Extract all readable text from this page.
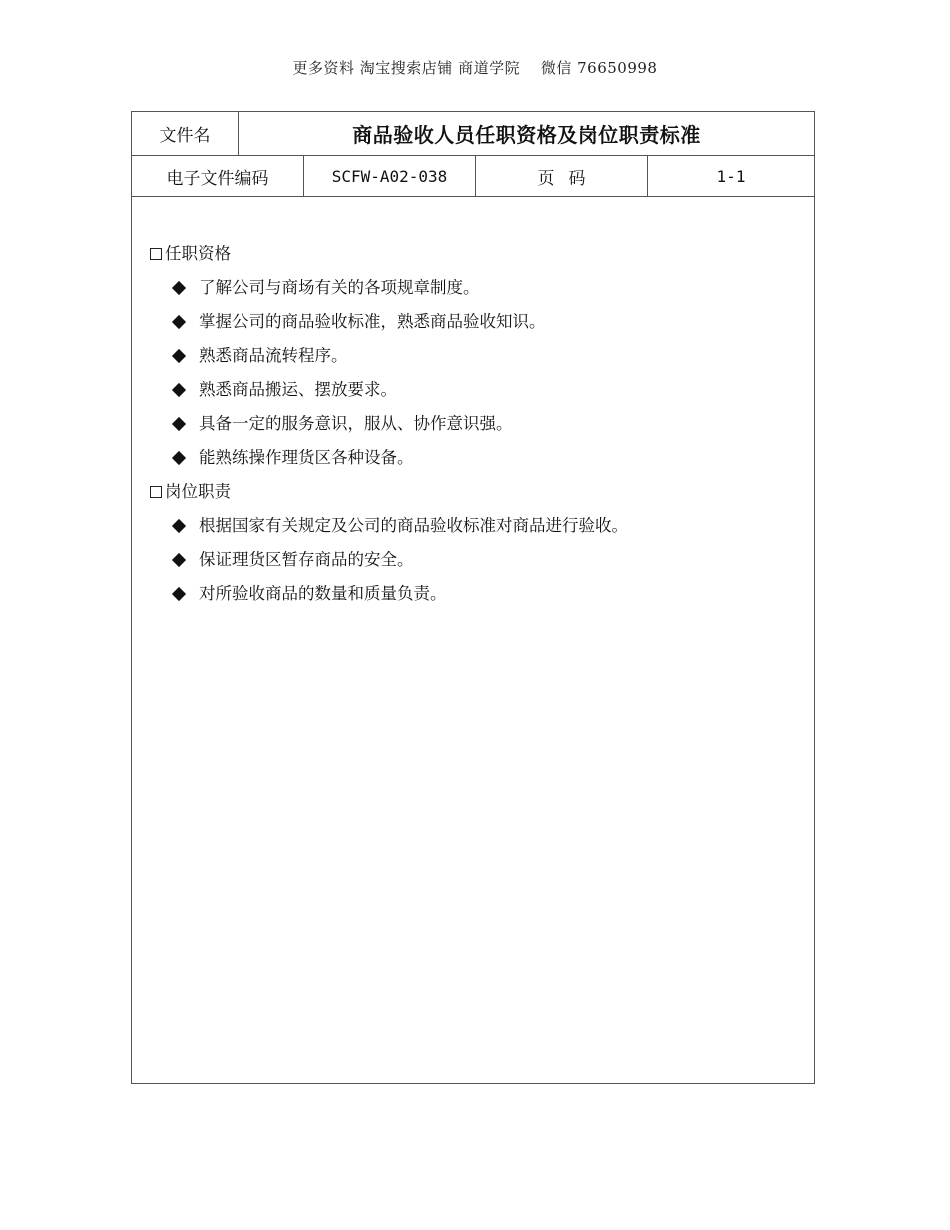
更多资料 淘宝搜索店铺 商道学院　 微信 76650998
文件名	商品验收人员任职资格及岗位职责标准
电子文件编码	SCFW-A02-038	页码	1-1
任职资格
了解公司与商场有关的各项规章制度。
掌握公司的商品验收标准，熟悉商品验收知识。
熟悉商品流转程序。
熟悉商品搬运、摆放要求。
具备一定的服务意识，服从、协作意识强。
能熟练操作理货区各种设备。
岗位职责
根据国家有关规定及公司的商品验收标准对商品进行验收。
保证理货区暂存商品的安全。
对所验收商品的数量和质量负责。
